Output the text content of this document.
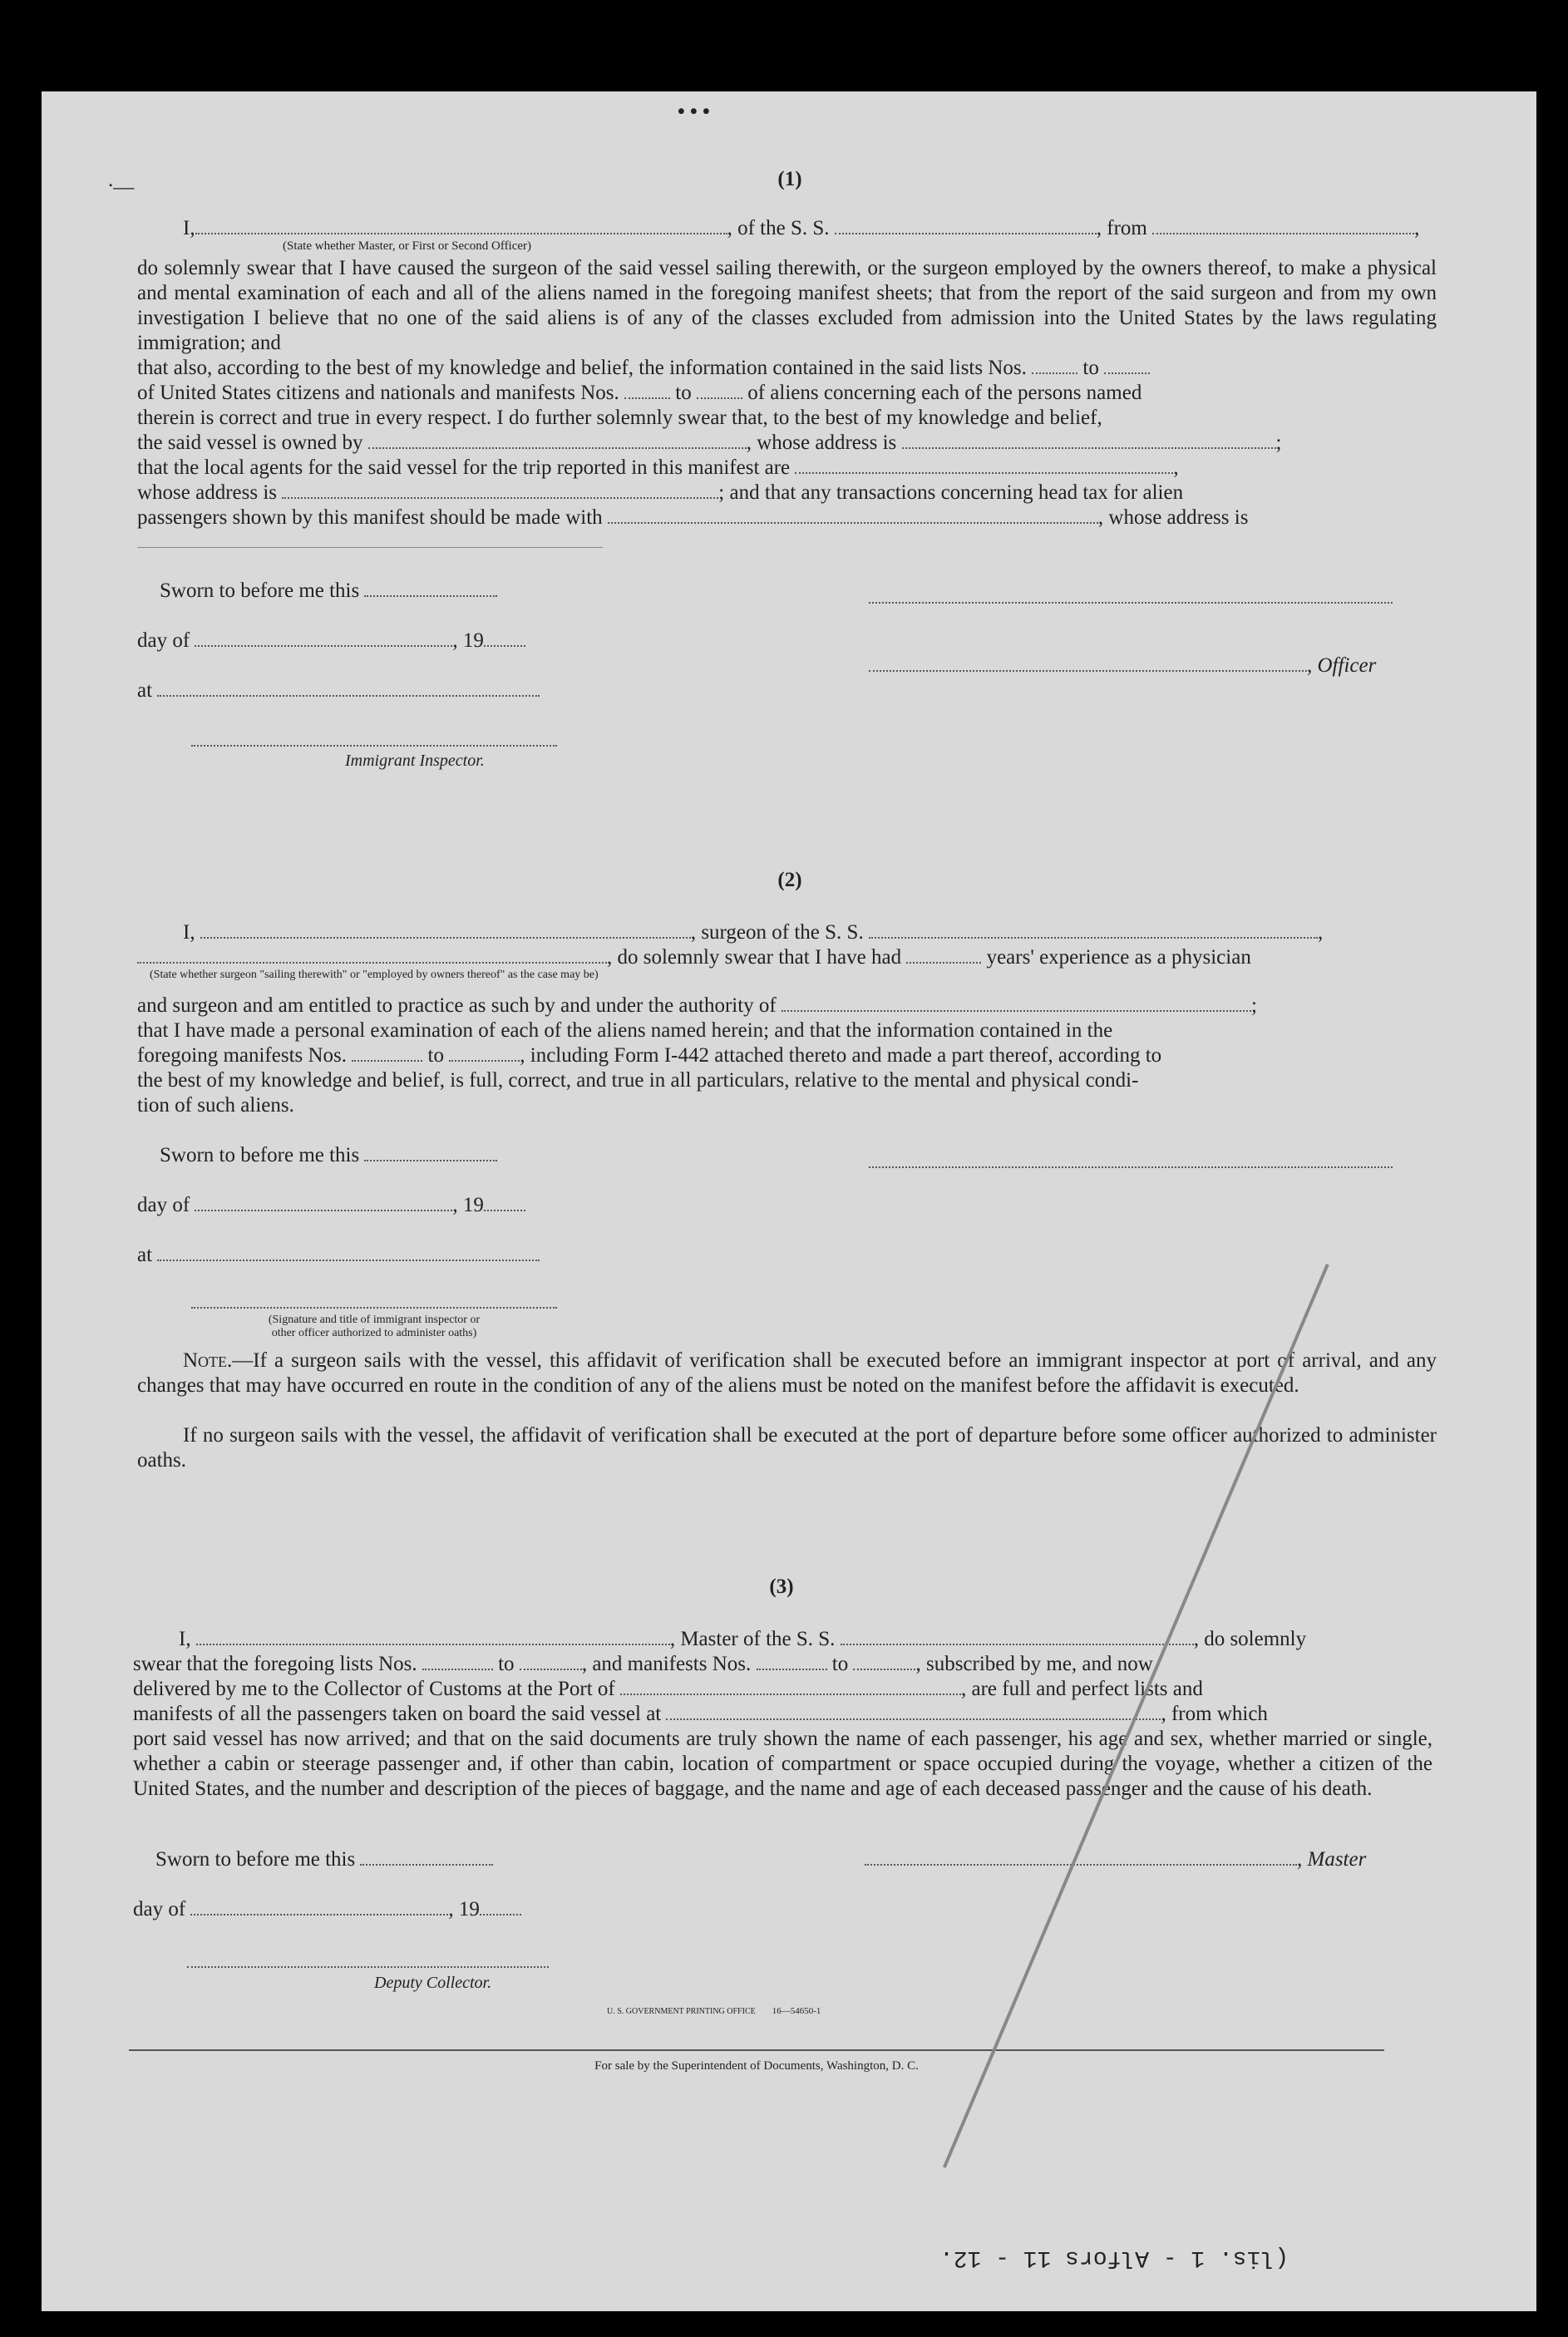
• • •
.__	(1)
I,	, of the S. S.	, from	,
(State whether Master, or First or Second Officer)
do solemnly swear that I have caused the surgeon of the said vessel sailing therewith, or the surgeon employed by the owners thereof, to make a physical and mental examination of each and all of the aliens named in the foregoing manifest sheets; that from the report of the said surgeon and from my own investigation I believe that no one of the said aliens is of any of the classes excluded from admission into the United States by the laws regulating immigration; and
that also, according to the best of my knowledge and belief, the information contained in the said lists Nos.	to
of United States citizens and nationals and manifests Nos.	to	of aliens concerning each of the persons named
therein is correct and true in every respect. I do further solemnly swear that, to the best of my knowledge and belief,
the said vessel is owned by	, whose address is	;
that the local agents for the said vessel for the trip reported in this manifest are	,
whose address is	; and that any transactions concerning head tax for alien
passengers shown by this manifest should be made with	, whose address is
Sworn to before me this
day of	, 19
at
, Officer
Immigrant Inspector.
(2)
I,	, surgeon of the S. S.	,
, do solemnly swear that I have had	years' experience as a physician
(State whether surgeon "sailing therewith" or "employed by owners thereof" as the case may be)
and surgeon and am entitled to practice as such by and under the authority of	;
that I have made a personal examination of each of the aliens named herein; and that the information contained in the
foregoing manifests Nos.	to	, including Form I-442 attached thereto and made a part thereof, according to
the best of my knowledge and belief, is full, correct, and true in all particulars, relative to the mental and physical condi-
tion of such aliens.
Sworn to before me this
day of	, 19
at
(Signature and title of immigrant inspector or
other officer authorized to administer oaths)
Note.—If a surgeon sails with the vessel, this affidavit of verification shall be executed before an immigrant inspector at port of arrival, and any changes that may have occurred en route in the condition of any of the aliens must be noted on the manifest before the affidavit is executed.
If no surgeon sails with the vessel, the affidavit of verification shall be executed at the port of departure before some officer authorized to administer oaths.
(3)
I,	, Master of the S. S.	, do solemnly
swear that the foregoing lists Nos.	to	, and manifests Nos.	to	, subscribed by me, and now
delivered by me to the Collector of Customs at the Port of	, are full and perfect lists and
manifests of all the passengers taken on board the said vessel at	, from which
port said vessel has now arrived; and that on the said documents are truly shown the name of each passenger, his age and sex, whether married or single, whether a cabin or steerage passenger and, if other than cabin, location of compartment or space occupied during the voyage, whether a citizen of the United States, and the number and description of the pieces of baggage, and the name and age of each deceased passenger and the cause of his death.
Sworn to before me this	, Master
day of	, 19
Deputy Collector.
U. S. GOVERNMENT PRINTING OFFICE 16—54650-1
For sale by the Superintendent of Documents, Washington, D. C.
(lis. 1 - Alfors 11 - 12.
